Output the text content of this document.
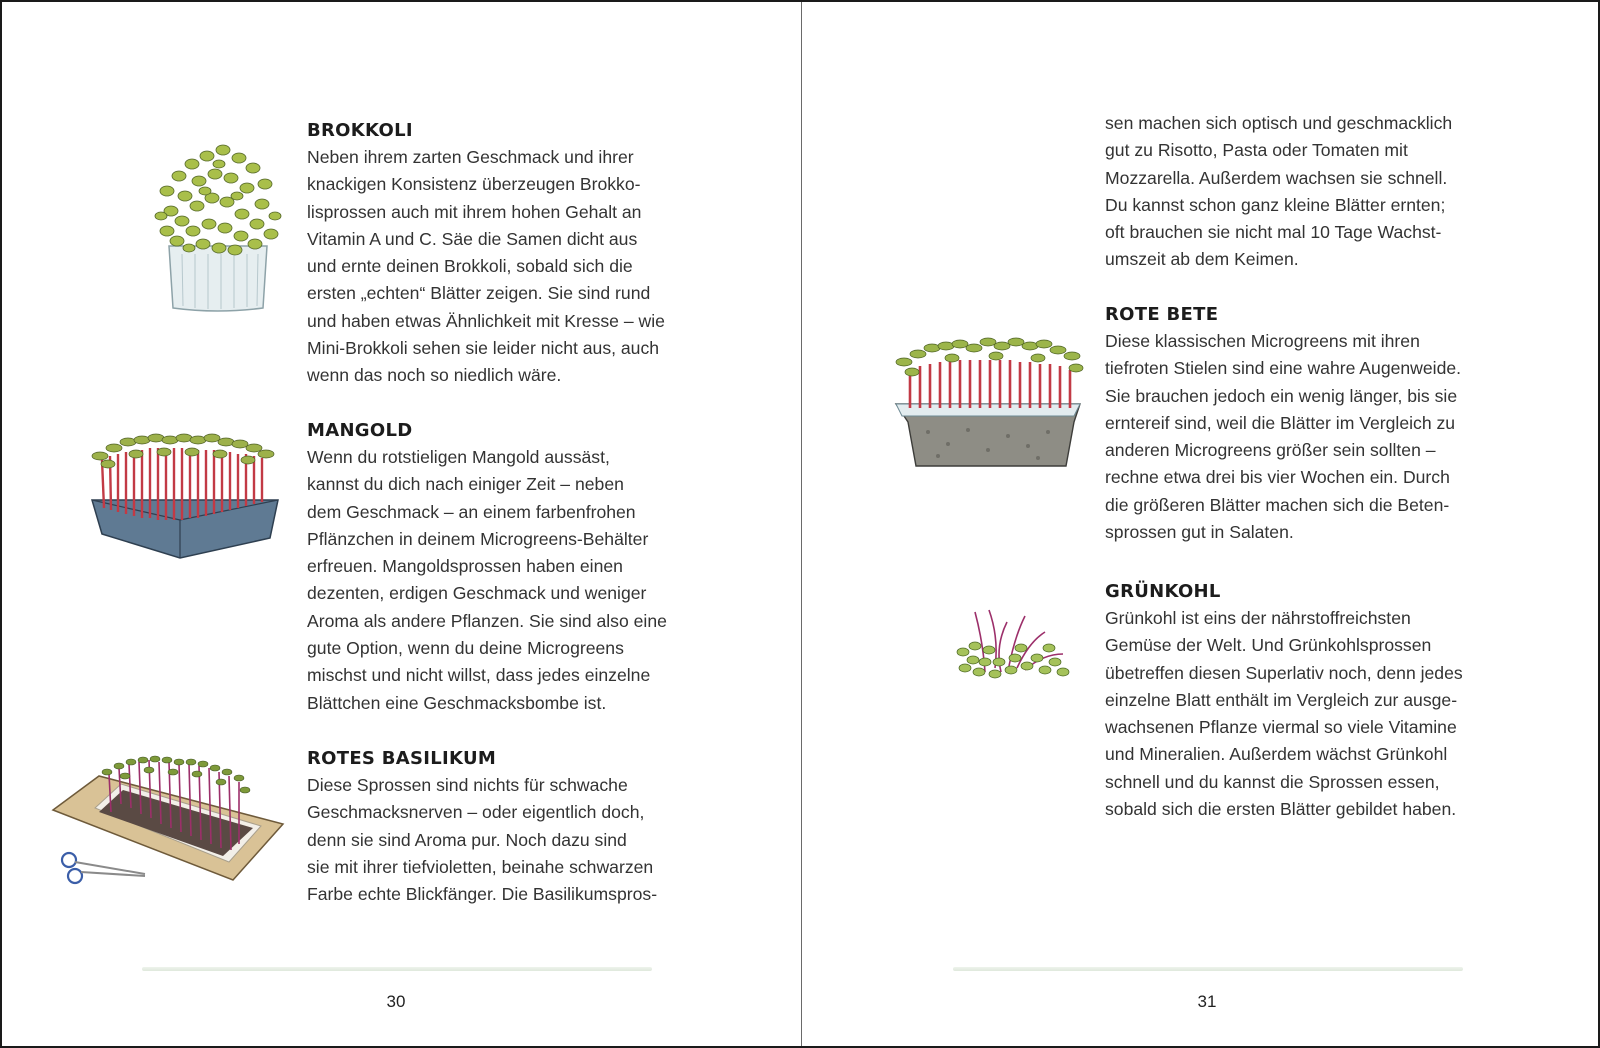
BROKKOLI
Neben ihrem zarten Geschmack und ihrer
knackigen Konsistenz überzeugen Brokko-
lisprossen auch mit ihrem hohen Gehalt an
Vitamin A und C. Säe die Samen dicht aus
und ernte deinen Brokkoli, sobald sich die
ersten „echten“ Blätter zeigen. Sie sind rund
und haben etwas Ähnlichkeit mit Kresse – wie
Mini-Brokkoli sehen sie leider nicht aus, auch
wenn das noch so niedlich wäre.
MANGOLD
Wenn du rotstieligen Mangold aussäst,
kannst du dich nach einiger Zeit – neben
dem Geschmack – an einem farbenfrohen
Pflänzchen in deinem Microgreens-Behälter
erfreuen. Mangoldsprossen haben einen
dezenten, erdigen Geschmack und weniger
Aroma als andere Pflanzen. Sie sind also eine
gute Option, wenn du deine Microgreens
mischst und nicht willst, dass jedes einzelne
Blättchen eine Geschmacksbombe ist.
ROTES BASILIKUM
Diese Sprossen sind nichts für schwache
Geschmacksnerven – oder eigentlich doch,
denn sie sind Aroma pur. Noch dazu sind
sie mit ihrer tiefvioletten, beinahe schwarzen
Farbe echte Blickfänger. Die Basilikumspros-
30
sen machen sich optisch und geschmacklich
gut zu Risotto, Pasta oder Tomaten mit
Mozzarella. Außerdem wachsen sie schnell.
Du kannst schon ganz kleine Blätter ernten;
oft brauchen sie nicht mal 10 Tage Wachst-
umszeit ab dem Keimen.
ROTE BETE
Diese klassischen Microgreens mit ihren
tiefroten Stielen sind eine wahre Augenweide.
Sie brauchen jedoch ein wenig länger, bis sie
erntereif sind, weil die Blätter im Vergleich zu
anderen Microgreens größer sein sollten –
rechne etwa drei bis vier Wochen ein. Durch
die größeren Blätter machen sich die Beten-
sprossen gut in Salaten.
GRÜNKOHL
Grünkohl ist eins der nährstoffreichsten
Gemüse der Welt. Und Grünkohlsprossen
übetreffen diesen Superlativ noch, denn jedes
einzelne Blatt enthält im Vergleich zur ausge-
wachsenen Pflanze viermal so viele Vitamine
und Mineralien. Außerdem wächst Grünkohl
schnell und du kannst die Sprossen essen,
sobald sich die ersten Blätter gebildet haben.
31
